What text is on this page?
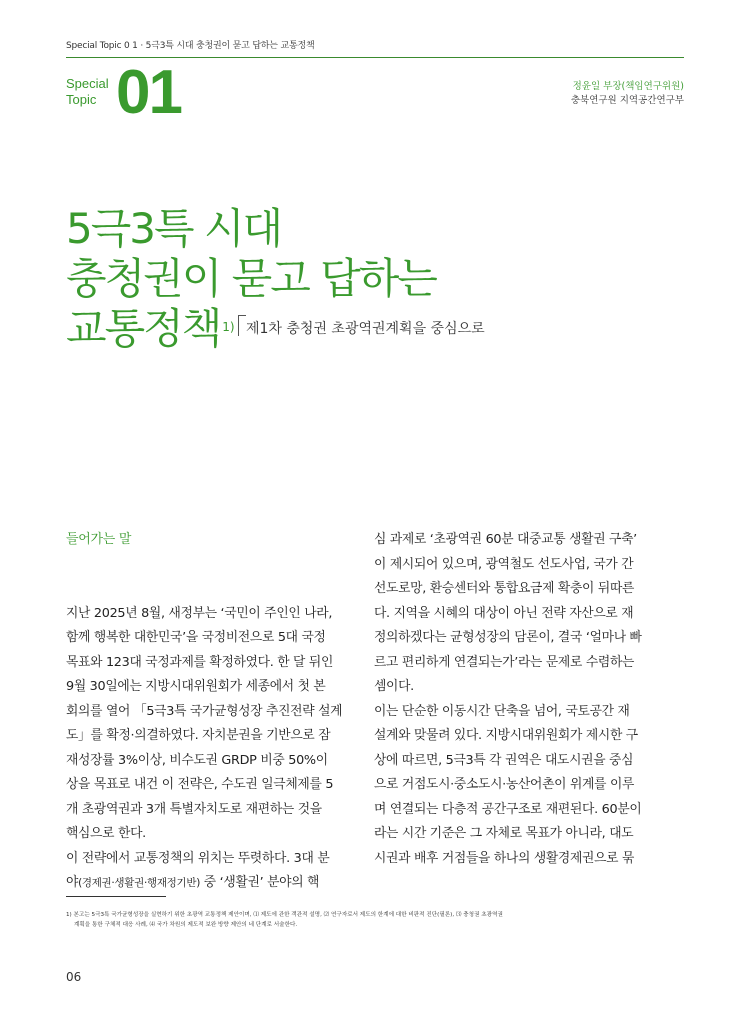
Special Topic 0 1 · 5극3특 시대 충청권이 묻고 답하는 교통정책
Special
Topic 01	정윤일 부장(책임연구위원)
충북연구원 지역공간연구부
5극3특 시대
충청권이 묻고 답하는
교통정책 $^{1)}$ 제1차 충청권 초광역권계획을 중심으로

들어가는 말

지난 2025년 8월, 새정부는 ‘국민이 주인인 나라,

함께 행복한 대한민국’을 국정비전으로 5대 국정

목표와 123대 국정과제를 확정하였다. 한 달 뒤인

9월 30일에는 지방시대위원회가 세종에서 첫 본

회의를 열어 「5극3특 국가균형성장 추진전략 설계

도」를 확정·의결하였다. 자치분권을 기반으로 잠

재성장률 3%이상, 비수도권 GRDP 비중 50%이

상을 목표로 내건 이 전략은, 수도권 일극체제를 5

개 초광역권과 3개 특별자치도로 재편하는 것을

핵심으로 한다.

이 전략에서 교통정책의 위치는 뚜렷하다. 3대 분

야(경제권·생활권·행재정기반) 중 ‘생활권’ 분야의 핵

심 과제로 ‘초광역권 60분 대중교통 생활권 구축’

이 제시되어 있으며, 광역철도 선도사업, 국가 간

선도로망, 환승센터와 통합요금제 확충이 뒤따른

다. 지역을 시혜의 대상이 아닌 전략 자산으로 재

정의하겠다는 균형성장의 담론이, 결국 ‘얼마나 빠

르고 편리하게 연결되는가’라는 문제로 수렴하는

셈이다.

이는 단순한 이동시간 단축을 넘어, 국토공간 재

설계와 맞물려 있다. 지방시대위원회가 제시한 구

상에 따르면, 5극3특 각 권역은 대도시권을 중심

으로 거점도시·중소도시·농산어촌이 위계를 이루

며 연결되는 다층적 공간구조로 재편된다. 60분이

라는 시간 기준은 그 자체로 목표가 아니라, 대도

시권과 배후 거점들을 하나의 생활경제권으로 묶

1) 본고는 5극3특 국가균형성장을 실현하기 위한 초광역 교통정책 제안이며, ⑴ 제도에 관한 객관적 설명, ⑵ 연구자로서 제도의 한계에 대한 비판적 진단(필론), ⑶ 충청권 초광역권

계획을 통한 구체적 대응 사례, ⑷ 국가 차원의 제도적 보완 방향 제안의 네 단계로 서술한다.

06
